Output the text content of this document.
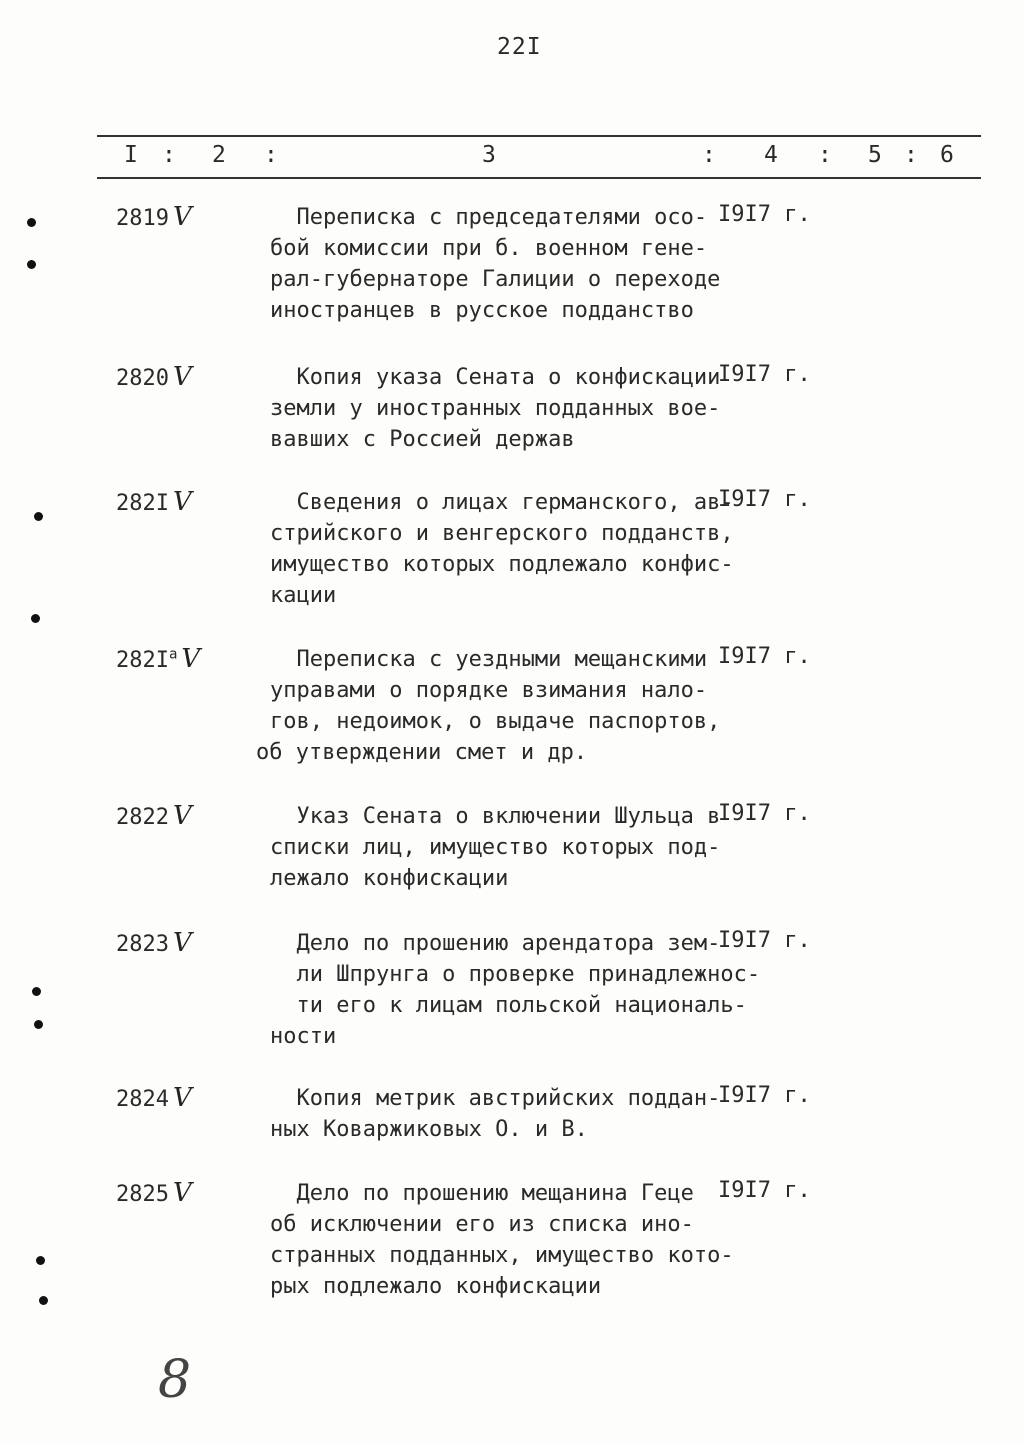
22I
I : 2 :	3	: 4 : 5 : 6
2819 V	Переписка с председателями осо-
бой комиссии при б. военном гене-
рал-губернаторе Галиции о переходе
иностранцев в русское подданство
I9I7 г.
2820 V	Копия указа Сената о конфискации
земли у иностранных подданных вое-
вавших с Россией держав
I9I7 г.
282I V	Сведения о лицах германского, ав-
стрийского и венгерского подданств,
имущество которых подлежало конфис-
кации
I9I7 г.
$282I^а$ V	Переписка с уездными мещанскими
управами о порядке взимания нало-
гов, недоимок, о выдаче паспортов,
об утверждении смет и др.
I9I7 г.
2822 V	Указ Сената о включении Шульца в
списки лиц, имущество которых под-
лежало конфискации
I9I7 г.
2823 V	Дело по прошению арендатора зем-
ли Шпрунга о проверке принадлежнос-
ти его к лицам польской националь-
ности
I9I7 г.
2824 V	Копия метрик австрийских поддан-
ных Коваржиковых О. и В.
I9I7 г.
2825 V	Дело по прошению мещанина Геце
об исключении его из списка ино-
странных подданных, имущество кото-
рых подлежало конфискации
I9I7 г.
8
